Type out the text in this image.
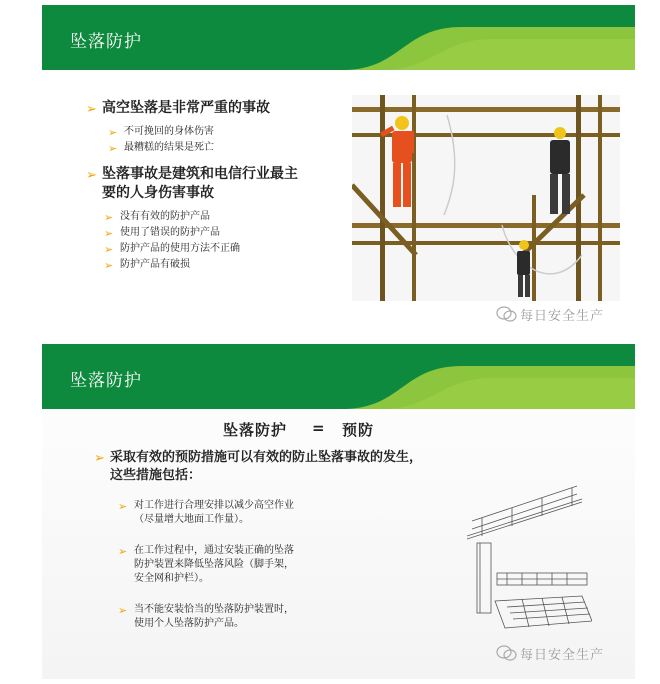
坠落防护
➢ 高空坠落是非常严重的事故
➢ 不可挽回的身体伤害
➢ 最糟糕的结果是死亡
➢ 坠落事故是建筑和电信行业最主
要的人身伤害事故
➢ 没有有效的防护产品
➢ 使用了错误的防护产品
➢ 防护产品的使用方法不正确
➢ 防护产品有破损
每日安全生产
坠落防护
坠落防护 = 预防
➢ 采取有效的预防措施可以有效的防止坠落事故的发生，
这些措施包括：
➢ 对工作进行合理安排以减少高空作业
（尽量增大地面工作量）。
➢ 在工作过程中，通过安装正确的坠落
防护装置来降低坠落风险（脚手架，
安全网和护栏）。
➢ 当不能安装恰当的坠落防护装置时，
使用个人坠落防护产品。
每日安全生产
